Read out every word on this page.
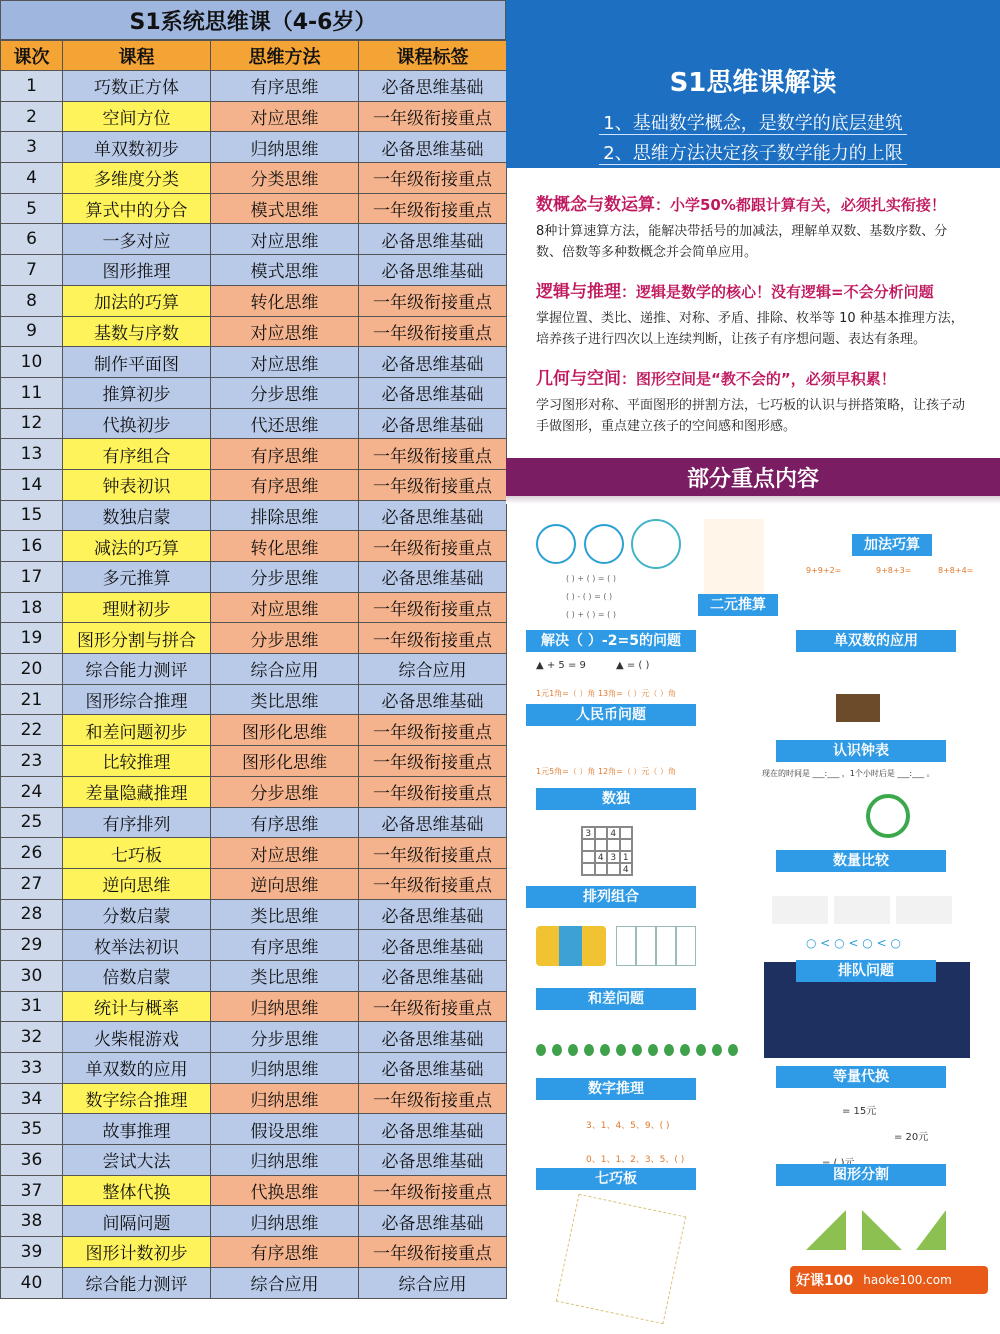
S1系统思维课（4-6岁）
课次	课程	思维方法	课程标签
1	巧数正方体	有序思维	必备思维基础
2	空间方位	对应思维	一年级衔接重点
3	单双数初步	归纳思维	必备思维基础
4	多维度分类	分类思维	一年级衔接重点
5	算式中的分合	模式思维	一年级衔接重点
6	一多对应	对应思维	必备思维基础
7	图形推理	模式思维	必备思维基础
8	加法的巧算	转化思维	一年级衔接重点
9	基数与序数	对应思维	一年级衔接重点
10	制作平面图	对应思维	必备思维基础
11	推算初步	分步思维	必备思维基础
12	代换初步	代还思维	必备思维基础
13	有序组合	有序思维	一年级衔接重点
14	钟表初识	有序思维	一年级衔接重点
15	数独启蒙	排除思维	必备思维基础
16	减法的巧算	转化思维	一年级衔接重点
17	多元推算	分步思维	必备思维基础
18	理财初步	对应思维	一年级衔接重点
19	图形分割与拼合	分步思维	一年级衔接重点
20	综合能力测评	综合应用	综合应用
21	图形综合推理	类比思维	必备思维基础
22	和差问题初步	图形化思维	一年级衔接重点
23	比较推理	图形化思维	一年级衔接重点
24	差量隐藏推理	分步思维	一年级衔接重点
25	有序排列	有序思维	必备思维基础
26	七巧板	对应思维	一年级衔接重点
27	逆向思维	逆向思维	一年级衔接重点
28	分数启蒙	类比思维	必备思维基础
29	枚举法初识	有序思维	必备思维基础
30	倍数启蒙	类比思维	必备思维基础
31	统计与概率	归纳思维	一年级衔接重点
32	火柴棍游戏	分步思维	必备思维基础
33	单双数的应用	归纳思维	必备思维基础
34	数字综合推理	归纳思维	一年级衔接重点
35	故事推理	假设思维	必备思维基础
36	尝试大法	归纳思维	必备思维基础
37	整体代换	代换思维	一年级衔接重点
38	间隔问题	归纳思维	必备思维基础
39	图形计数初步	有序思维	一年级衔接重点
40	综合能力测评	综合应用	综合应用
S1思维课解读
1、基础数学概念，是数学的底层建筑
2、思维方法决定孩子数学能力的上限
数概念与数运算：小学50%都跟计算有关，必须扎实衔接！
8种计算速算方法，能解决带括号的加减法，理解单双数、基数序数、分数、倍数等多种数概念并会简单应用。
逻辑与推理：逻辑是数学的核心！没有逻辑=不会分析问题
掌握位置、类比、递推、对称、矛盾、排除、枚举等 10 种基本推理方法，培养孩子进行四次以上连续判断，让孩子有序想问题、表达有条理。
几何与空间：图形空间是“教不会的”，必须早积累！
学习图形对称、平面图形的拼割方法，七巧板的认识与拼搭策略，让孩子动手做图形，重点建立孩子的空间感和图形感。
部分重点内容
( ) + ( ) = ( )
( ) - ( ) = ( )
( ) + ( ) = ( )
解决（ ）-2=5的问题
▲ + 5 = 9	▲ = ( )
1元1角=（ ）角 13角=（ ）元（ ）角
人民币问题
1元5角=（ ）角 12角=（ ）元（ ）角
数独
3	4
4 3 1
4
排列组合
和差问题
数字推理
3、1、4、5、9、( )
0、1、1、2、3、5、( )
七巧板
二元推算
加法巧算
9+9+2=	9+8+3=	8+8+4=
单双数的应用
认识钟表
现在的时间是 ___:___ ，1个小时后是 ___:___ 。
数量比较
○ < ○ < ○ < ○
排队问题
等量代换
= 15元
= 20元
图形分割
好课100 haoke100.com
